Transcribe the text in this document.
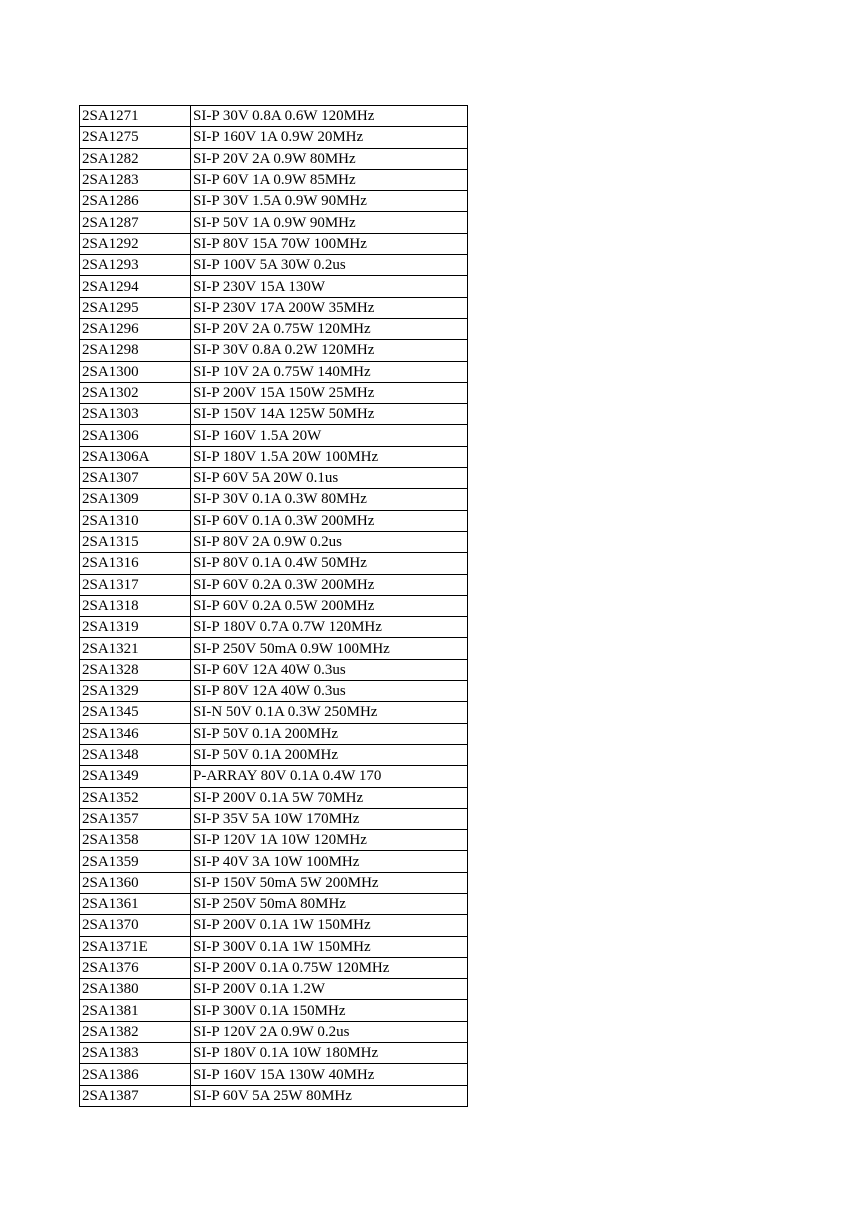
2SA1271	SI-P 30V 0.8A 0.6W 120MHz
2SA1275	SI-P 160V 1A 0.9W 20MHz
2SA1282	SI-P 20V 2A 0.9W 80MHz
2SA1283	SI-P 60V 1A 0.9W 85MHz
2SA1286	SI-P 30V 1.5A 0.9W 90MHz
2SA1287	SI-P 50V 1A 0.9W 90MHz
2SA1292	SI-P 80V 15A 70W 100MHz
2SA1293	SI-P 100V 5A 30W 0.2us
2SA1294	SI-P 230V 15A 130W
2SA1295	SI-P 230V 17A 200W 35MHz
2SA1296	SI-P 20V 2A 0.75W 120MHz
2SA1298	SI-P 30V 0.8A 0.2W 120MHz
2SA1300	SI-P 10V 2A 0.75W 140MHz
2SA1302	SI-P 200V 15A 150W 25MHz
2SA1303	SI-P 150V 14A 125W 50MHz
2SA1306	SI-P 160V 1.5A 20W
2SA1306A	SI-P 180V 1.5A 20W 100MHz
2SA1307	SI-P 60V 5A 20W 0.1us
2SA1309	SI-P 30V 0.1A 0.3W 80MHz
2SA1310	SI-P 60V 0.1A 0.3W 200MHz
2SA1315	SI-P 80V 2A 0.9W 0.2us
2SA1316	SI-P 80V 0.1A 0.4W 50MHz
2SA1317	SI-P 60V 0.2A 0.3W 200MHz
2SA1318	SI-P 60V 0.2A 0.5W 200MHz
2SA1319	SI-P 180V 0.7A 0.7W 120MHz
2SA1321	SI-P 250V 50mA 0.9W 100MHz
2SA1328	SI-P 60V 12A 40W 0.3us
2SA1329	SI-P 80V 12A 40W 0.3us
2SA1345	SI-N 50V 0.1A 0.3W 250MHz
2SA1346	SI-P 50V 0.1A 200MHz
2SA1348	SI-P 50V 0.1A 200MHz
2SA1349	P-ARRAY 80V 0.1A 0.4W 170
2SA1352	SI-P 200V 0.1A 5W 70MHz
2SA1357	SI-P 35V 5A 10W 170MHz
2SA1358	SI-P 120V 1A 10W 120MHz
2SA1359	SI-P 40V 3A 10W 100MHz
2SA1360	SI-P 150V 50mA 5W 200MHz
2SA1361	SI-P 250V 50mA 80MHz
2SA1370	SI-P 200V 0.1A 1W 150MHz
2SA1371E	SI-P 300V 0.1A 1W 150MHz
2SA1376	SI-P 200V 0.1A 0.75W 120MHz
2SA1380	SI-P 200V 0.1A 1.2W
2SA1381	SI-P 300V 0.1A 150MHz
2SA1382	SI-P 120V 2A 0.9W 0.2us
2SA1383	SI-P 180V 0.1A 10W 180MHz
2SA1386	SI-P 160V 15A 130W 40MHz
2SA1387	SI-P 60V 5A 25W 80MHz
